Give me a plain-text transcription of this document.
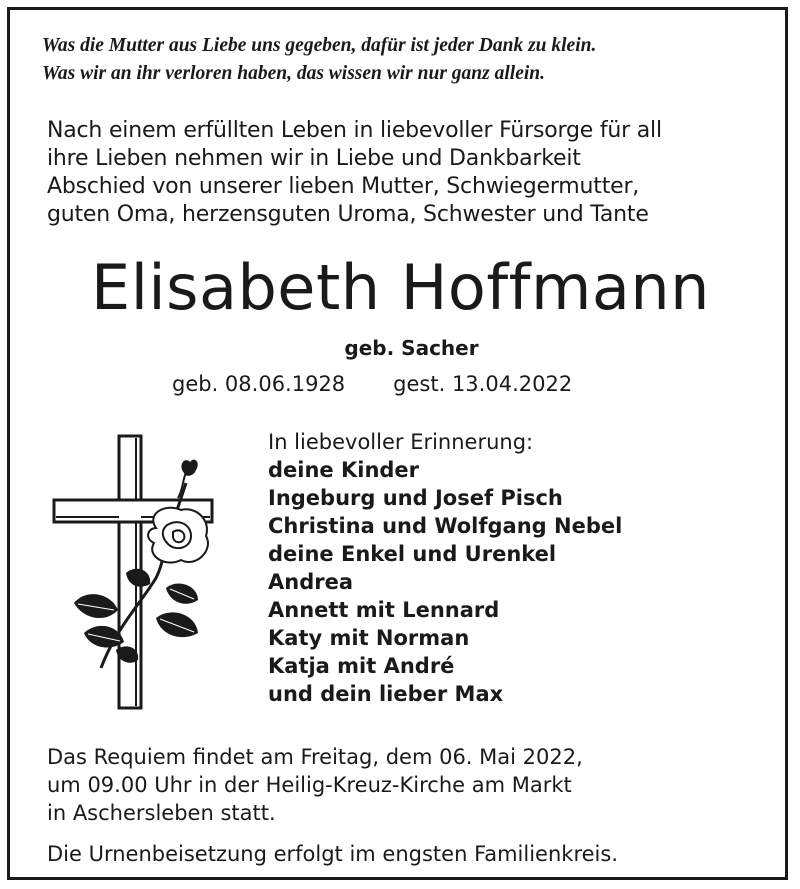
Was die Mutter aus Liebe uns gegeben, dafür ist jeder Dank zu klein.
Was wir an ihr verloren haben, das wissen wir nur ganz allein.
Nach einem erfüllten Leben in liebevoller Fürsorge für all
ihre Lieben nehmen wir in Liebe und Dankbarkeit
Abschied von unserer lieben Mutter, Schwiegermutter,
guten Oma, herzensguten Uroma, Schwester und Tante
Elisabeth Hoffmann
geb. Sacher
geb. 08.06.1928 gest. 13.04.2022
In liebevoller Erinnerung:
deine Kinder
Ingeburg und Josef Pisch
Christina und Wolfgang Nebel
deine Enkel und Urenkel
Andrea
Annett mit Lennard
Katy mit Norman
Katja mit André
und dein lieber Max
Das Requiem findet am Freitag, dem 06. Mai 2022,
um 09.00 Uhr in der Heilig-Kreuz-Kirche am Markt
in Aschersleben statt.
Die Urnenbeisetzung erfolgt im engsten Familienkreis.
